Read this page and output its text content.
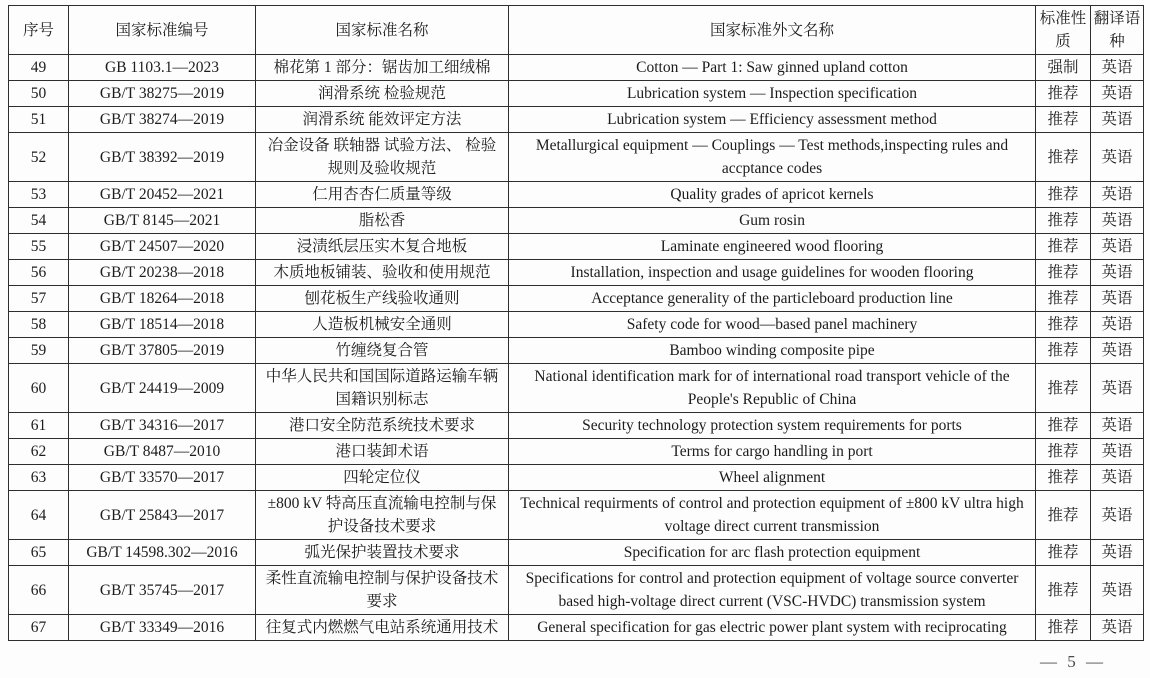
序号	国家标准编号	国家标准名称	国家标准外文名称	标准性质	翻译语种
49	GB 1103.1—2023	棉花第 1 部分：锯齿加工细绒棉	Cotton — Part 1: Saw ginned upland cotton	强制	英语
50	GB/T 38275—2019	润滑系统 检验规范	Lubrication system — Inspection specification	推荐	英语
51	GB/T 38274—2019	润滑系统 能效评定方法	Lubrication system — Efficiency assessment method	推荐	英语
52	GB/T 38392—2019	冶金设备 联轴器 试验方法、 检验规则及验收规范	Metallurgical equipment — Couplings — Test methods,inspecting rules and accptance codes	推荐	英语
53	GB/T 20452—2021	仁用杏杏仁质量等级	Quality grades of apricot kernels	推荐	英语
54	GB/T 8145—2021	脂松香	Gum rosin	推荐	英语
55	GB/T 24507—2020	浸渍纸层压实木复合地板	Laminate engineered wood flooring	推荐	英语
56	GB/T 20238—2018	木质地板铺装、验收和使用规范	Installation, inspection and usage guidelines for wooden flooring	推荐	英语
57	GB/T 18264—2018	刨花板生产线验收通则	Acceptance generality of the particleboard production line	推荐	英语
58	GB/T 18514—2018	人造板机械安全通则	Safety code for wood—based panel machinery	推荐	英语
59	GB/T 37805—2019	竹缠绕复合管	Bamboo winding composite pipe	推荐	英语
60	GB/T 24419—2009	中华人民共和国国际道路运输车辆国籍识别标志	National identification mark for of international road transport vehicle of the People's Republic of China	推荐	英语
61	GB/T 34316—2017	港口安全防范系统技术要求	Security technology protection system requirements for ports	推荐	英语
62	GB/T 8487—2010	港口装卸术语	Terms for cargo handling in port	推荐	英语
63	GB/T 33570—2017	四轮定位仪	Wheel alignment	推荐	英语
64	GB/T 25843—2017	±800 kV 特高压直流输电控制与保护设备技术要求	Technical requirments of control and protection equipment of ±800 kV ultra high voltage direct current transmission	推荐	英语
65	GB/T 14598.302—2016	弧光保护装置技术要求	Specification for arc flash protection equipment	推荐	英语
66	GB/T 35745—2017	柔性直流输电控制与保护设备技术要求	Specifications for control and protection equipment of voltage source converter based high-voltage direct current (VSC-HVDC) transmission system	推荐	英语
67	GB/T 33349—2016	往复式内燃燃气电站系统通用技术	General specification for gas electric power plant system with reciprocating	推荐	英语
— 5 —
